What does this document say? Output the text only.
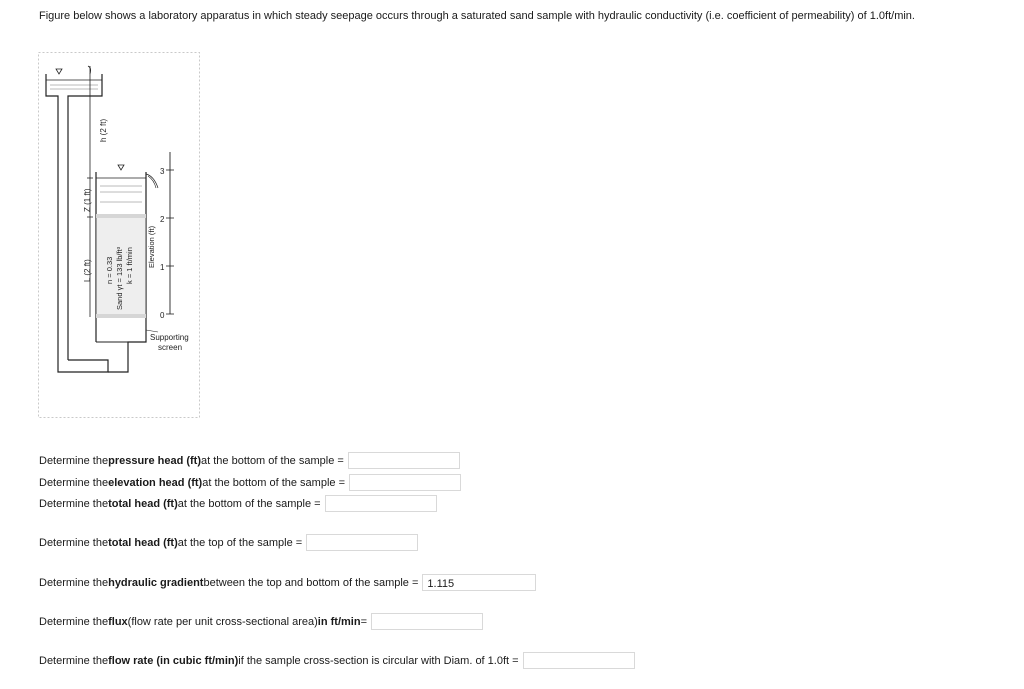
Figure below shows a laboratory apparatus in which steady seepage occurs through a saturated sand sample with hydraulic conductivity (i.e. coefficient of permeability) of 1.0ft/min.
h (2 ft)
Z (1 ft)
L (2 ft) n = 0.33 Sand γt = 133 lb/ft³ k = 1 ft/min Elevation (ft)
0
1
2
3
Supporting
screen
Determine the pressure head (ft) at the bottom of the sample =
Determine the elevation head (ft) at the bottom of the sample =
Determine the total head (ft) at the bottom of the sample =
Determine the total head (ft) at the top of the sample =
Determine the hydraulic gradient between the top and bottom of the sample = 1.115
Determine the flux (flow rate per unit cross-sectional area) in ft/min =
Determine the flow rate (in cubic ft/min) if the sample cross-section is circular with Diam. of 1.0ft =
